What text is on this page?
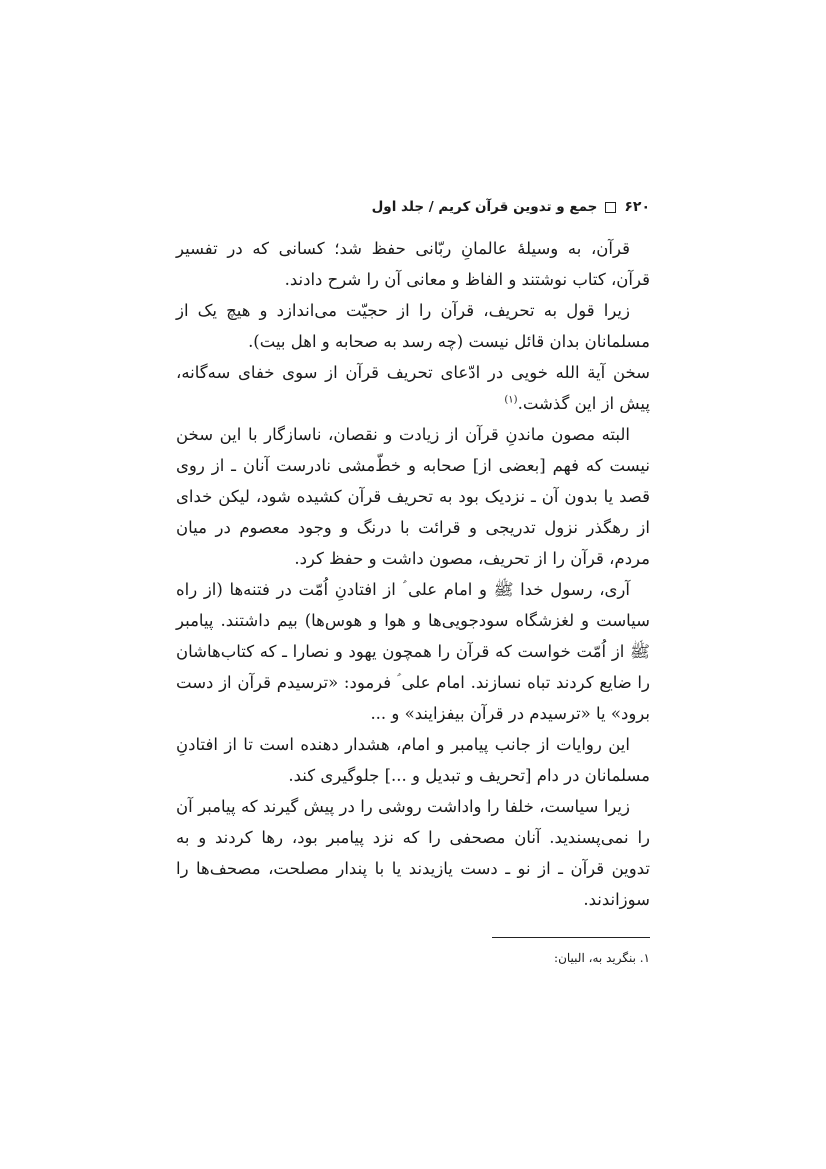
۶۲۰
جمع و تدوین قرآن کریم / جلد اول

قرآن، به وسیلهٔ عالمانِ ربّانی حفظ شد؛ کسانی که در تفسیر قرآن، کتاب نوشتند و الفاظ و معانی آن را شرح دادند.

زیرا قول به تحریف، قرآن را از حجیّت می‌اندازد و هیچ یک از مسلمانان بدان قائل نیست (چه رسد به صحابه و اهل بیت).

سخن آیة الله خویی در ادّعای تحریف قرآن از سوی خفای سه‌گانه، پیش از این گذشت.$^{(۱)}$

البته مصون ماندنِ قرآن از زیادت و نقصان، ناسازگار با این سخن نیست که فهم [بعضی از] صحابه و خطّ‌مشی نادرست آنان ـ از روی قصد یا بدون آن ـ نزدیک بود به تحریف قرآن کشیده شود، لیکن خدای از رهگذر نزول تدریجی و قرائت با درنگ و وجود معصوم در میان مردم، قرآن را از تحریف، مصون داشت و حفظ کرد.

آری، رسول خدا ﷺ و امام علی ؑ از افتادنِ اُمّت در فتنه‌ها (از راه سیاست و لغزشگاه سودجویی‌ها و هوا و هوس‌ها) بیم داشتند. پیامبر ﷺ از اُمّت خواست که قرآن را همچون یهود و نصارا ـ که کتاب‌هاشان را ضایع کردند تباه نسازند. امام علی ؑ فرمود: «ترسیدم قرآن از دست برود» یا «ترسیدم در قرآن بیفزایند» و ...

این روایات از جانب پیامبر و امام، هشدار دهنده است تا از افتادنِ مسلمانان در دام [تحریف و تبدیل و ...] جلوگیری کند.

زیرا سیاست، خلفا را واداشت روشی را در پیش گیرند که پیامبر آن را نمی‌پسندید. آنان مصحفی را که نزد پیامبر بود، رها کردند و به تدوین قرآن ـ از نو ـ دست یازیدند یا با پندار مصلحت، مصحف‌ها را سوزاندند.

۱. بنگرید به، البیان:
